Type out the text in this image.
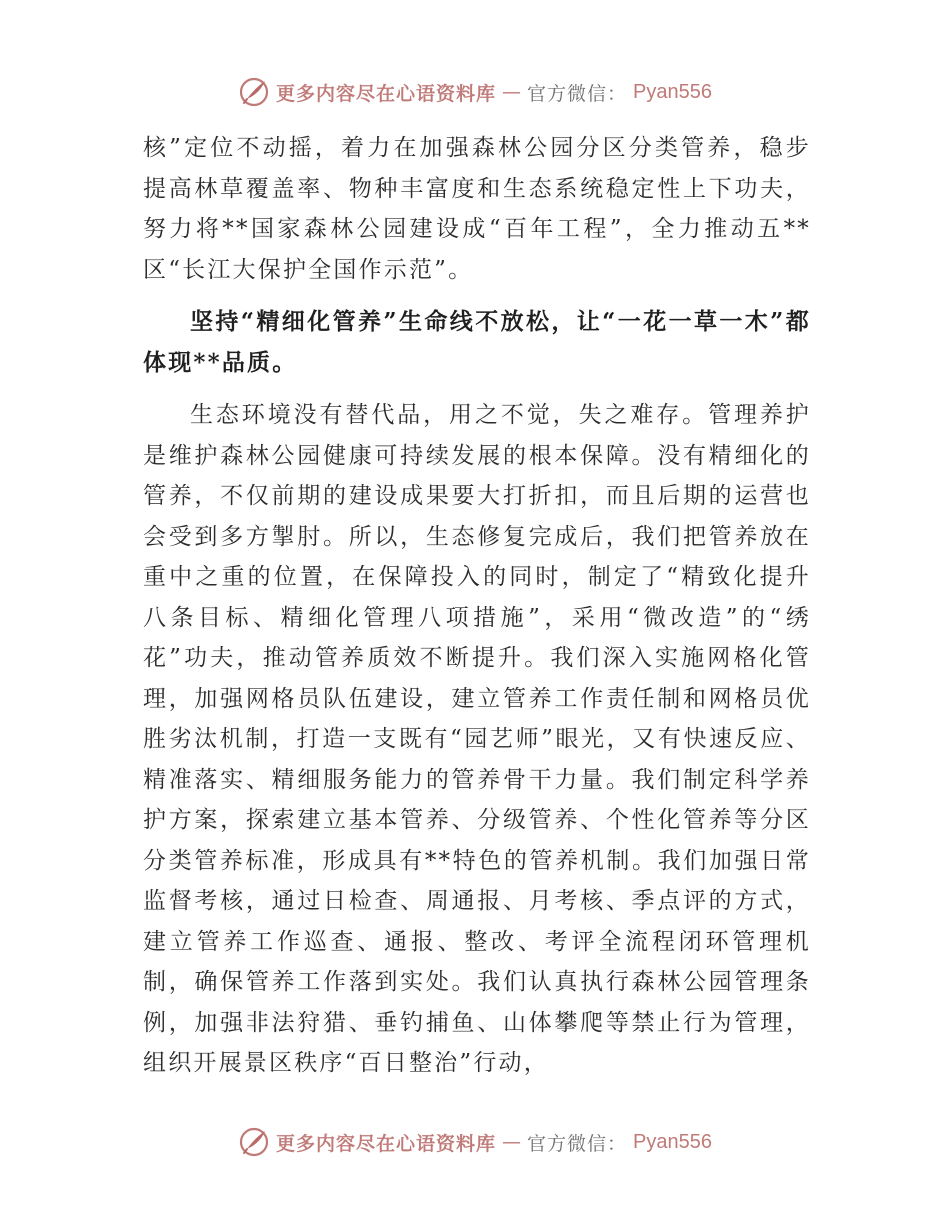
更多内容尽在心语资料库 — 官方微信： Pyan556

核”定位不动摇，着力在加强森林公园分区分类管养，稳步提高林草覆盖率、物种丰富度和生态系统稳定性上下功夫，努力将**国家森林公园建设成“百年工程”，全力推动五**区“长江大保护全国作示范”。

坚持“精细化管养”生命线不放松，让“一花一草一木”都体现**品质。

生态环境没有替代品，用之不觉，失之难存。管理养护是维护森林公园健康可持续发展的根本保障。没有精细化的管养，不仅前期的建设成果要大打折扣，而且后期的运营也会受到多方掣肘。所以，生态修复完成后，我们把管养放在重中之重的位置，在保障投入的同时，制定了“精致化提升八条目标、精细化管理八项措施”，采用“微改造”的“绣花”功夫，推动管养质效不断提升。我们深入实施网格化管理，加强网格员队伍建设，建立管养工作责任制和网格员优胜劣汰机制，打造一支既有“园艺师”眼光，又有快速反应、精准落实、精细服务能力的管养骨干力量。我们制定科学养护方案，探索建立基本管养、分级管养、个性化管养等分区分类管养标准，形成具有**特色的管养机制。我们加强日常监督考核，通过日检查、周通报、月考核、季点评的方式，建立管养工作巡查、通报、整改、考评全流程闭环管理机制，确保管养工作落到实处。我们认真执行森林公园管理条例，加强非法狩猎、垂钓捕鱼、山体攀爬等禁止行为管理，组织开展景区秩序“百日整治”行动，

更多内容尽在心语资料库 — 官方微信： Pyan556
